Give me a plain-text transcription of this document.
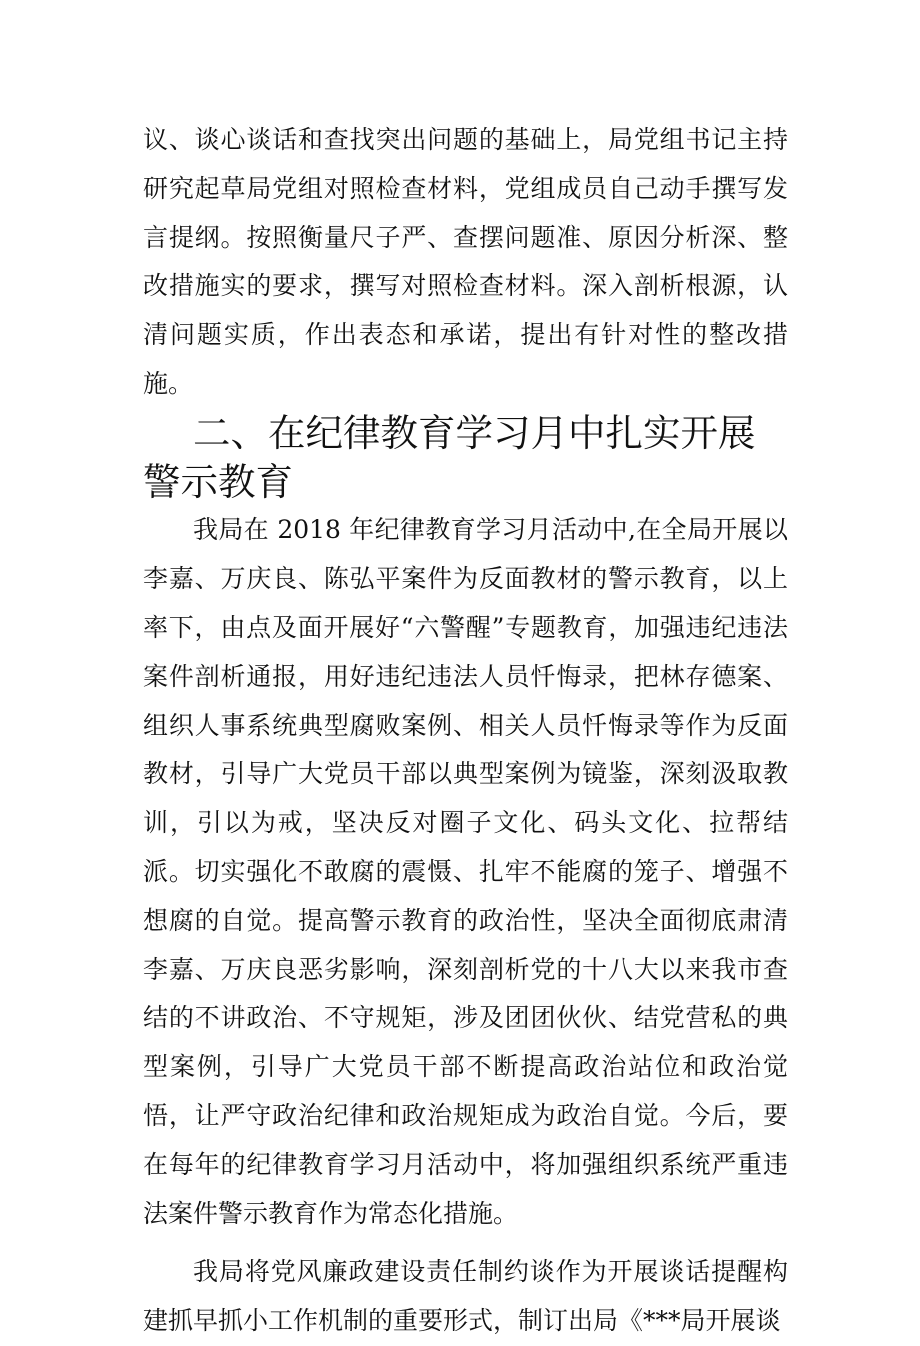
议、谈心谈话和查找突出问题的基础上，局党组书记主持研究起草局党组对照检查材料，党组成员自己动手撰写发言提纲。按照衡量尺子严、查摆问题准、原因分析深、整改措施实的要求，撰写对照检查材料。深入剖析根源，认清问题实质，作出表态和承诺，提出有针对性的整改措施。

二、在纪律教育学习月中扎实开展警示教育

我局在 2018 年纪律教育学习月活动中,在全局开展以李嘉、万庆良、陈弘平案件为反面教材的警示教育，以上率下，由点及面开展好“六警醒”专题教育，加强违纪违法案件剖析通报，用好违纪违法人员忏悔录，把林存德案、组织人事系统典型腐败案例、相关人员忏悔录等作为反面教材，引导广大党员干部以典型案例为镜鉴，深刻汲取教训，引以为戒，坚决反对圈子文化、码头文化、拉帮结派。切实强化不敢腐的震慑、扎牢不能腐的笼子、增强不想腐的自觉。提高警示教育的政治性，坚决全面彻底肃清李嘉、万庆良恶劣影响，深刻剖析党的十八大以来我市查结的不讲政治、不守规矩，涉及团团伙伙、结党营私的典型案例，引导广大党员干部不断提高政治站位和政治觉悟，让严守政治纪律和政治规矩成为政治自觉。今后，要在每年的纪律教育学习月活动中，将加强组织系统严重违法案件警示教育作为常态化措施。

我局将党风廉政建设责任制约谈作为开展谈话提醒构建抓早抓小工作机制的重要形式，制订出局《***局开展谈
